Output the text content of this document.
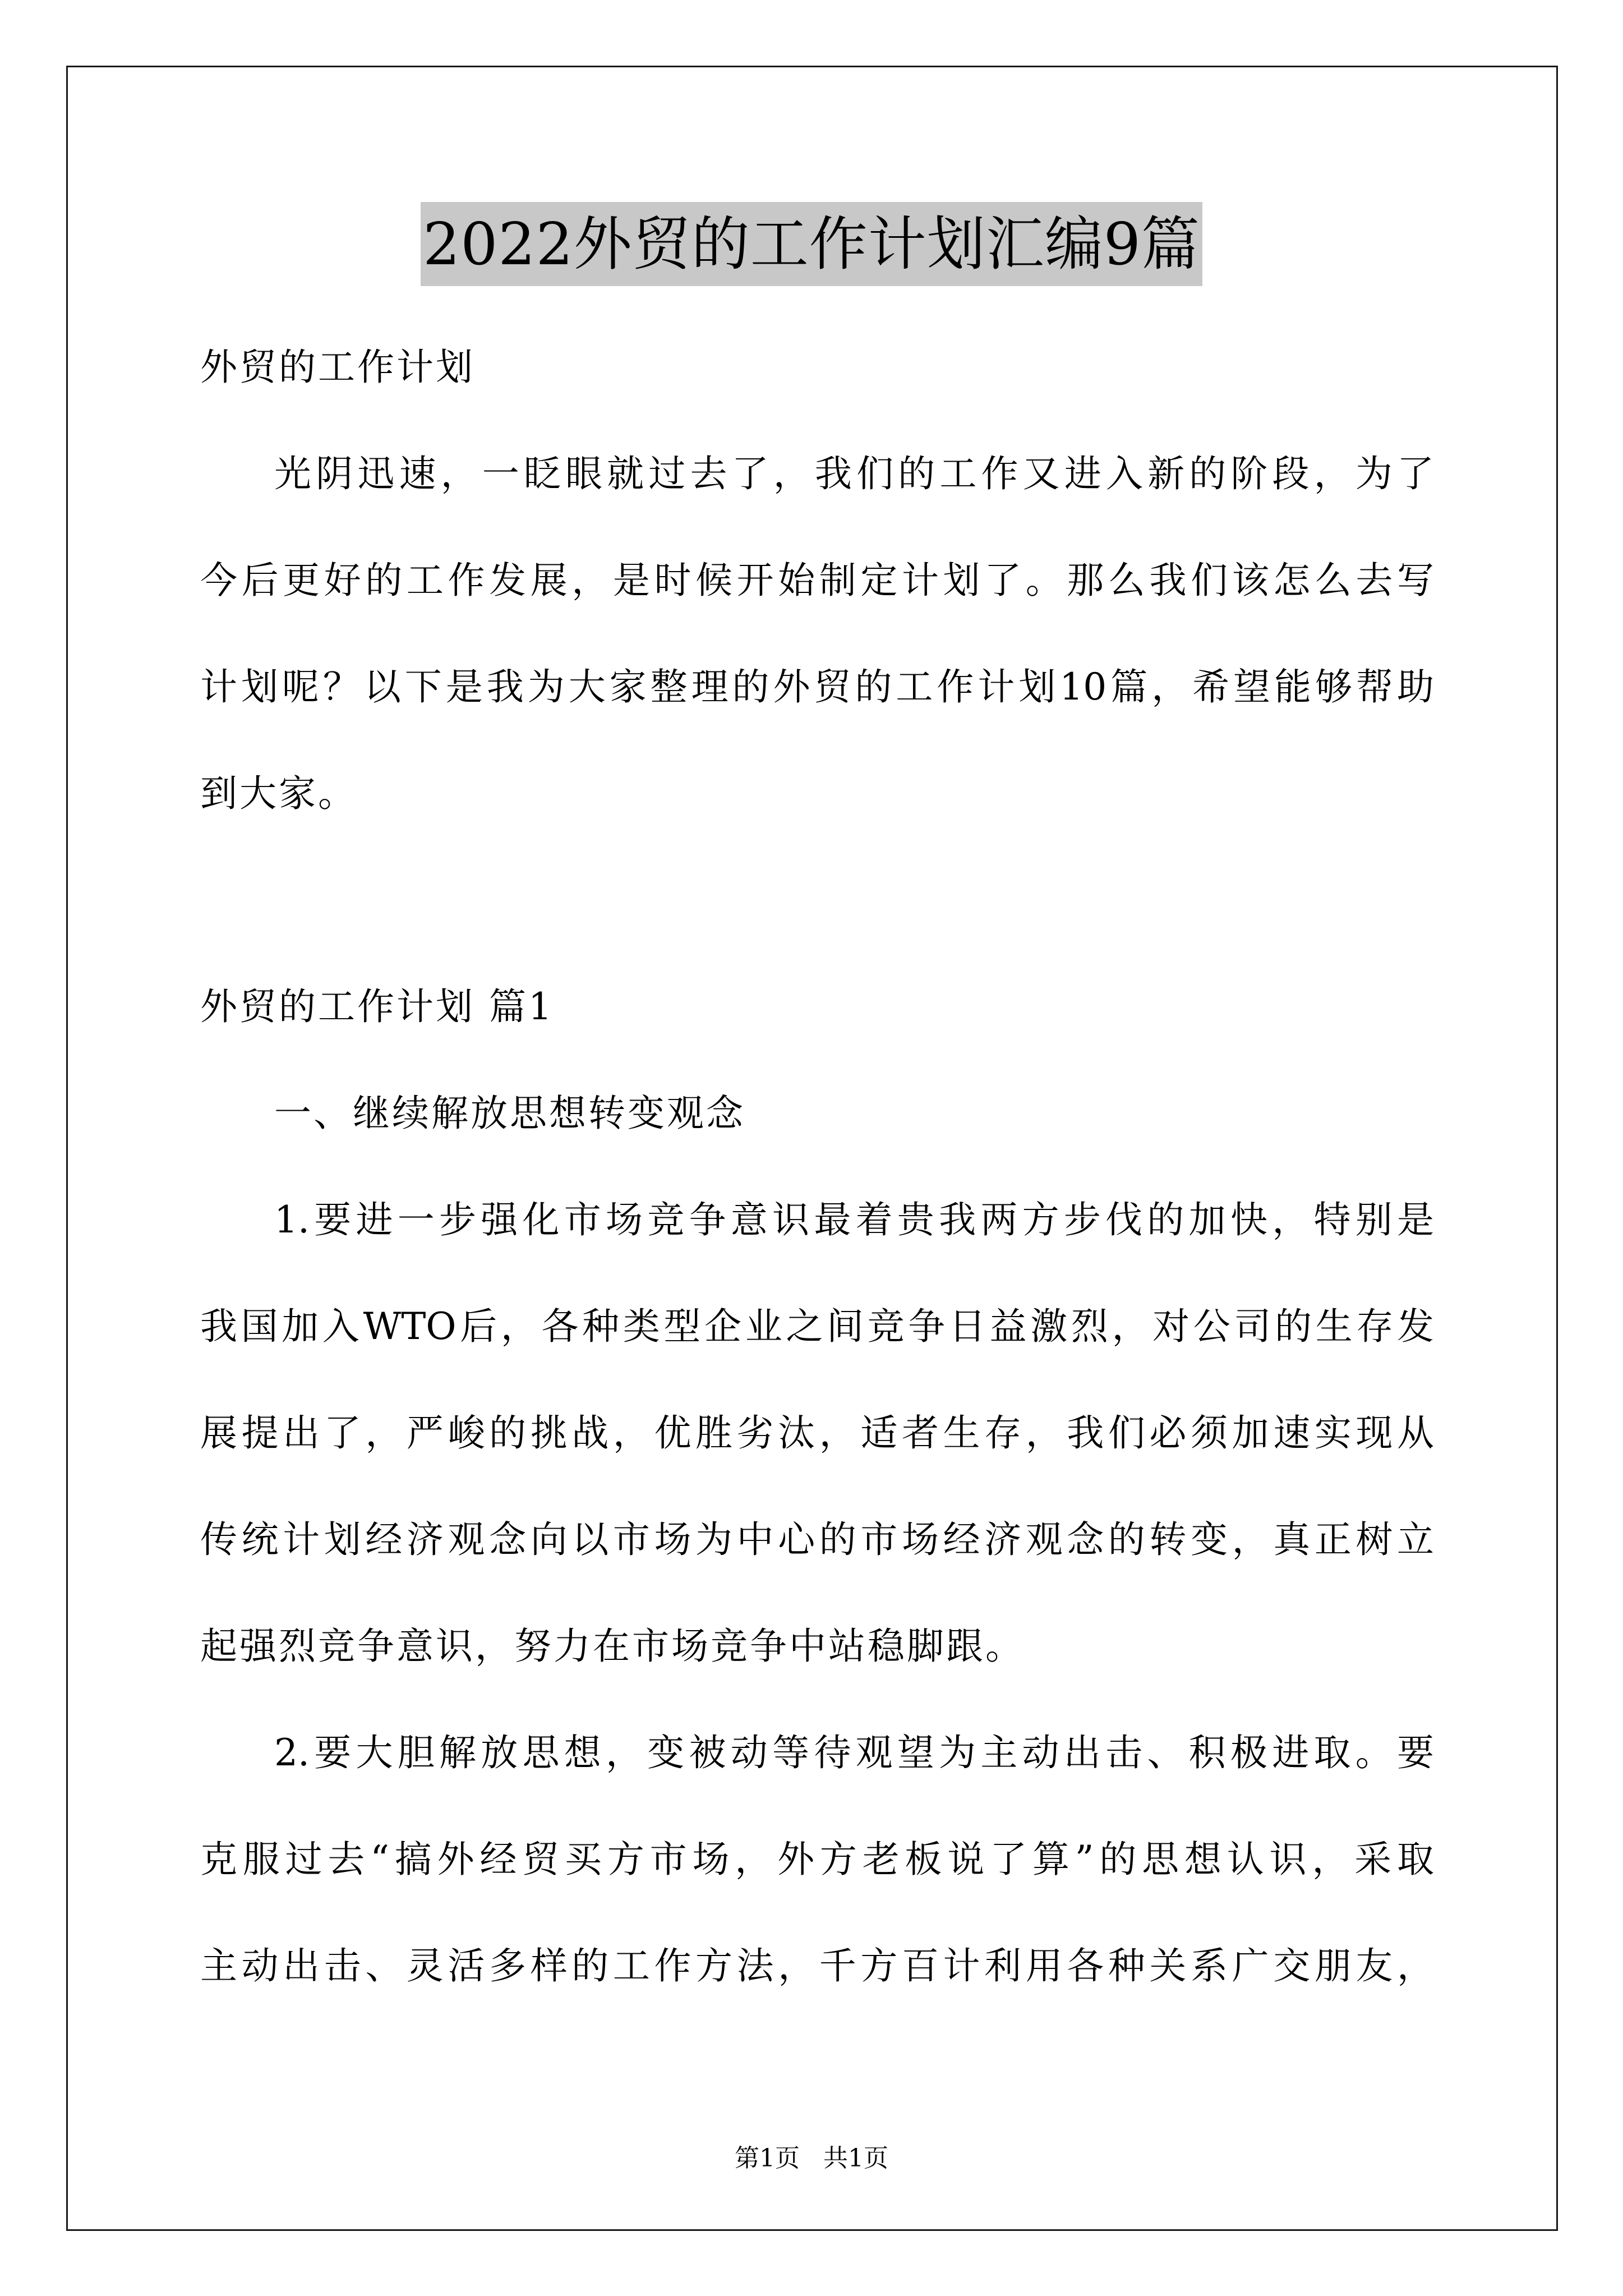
2022外贸的工作计划汇编9篇
外贸的工作计划
光阴迅速，一眨眼就过去了，我们的工作又进入新的阶段，为了
今后更好的工作发展，是时候开始制定计划了。那么我们该怎么去写
计划呢？以下是我为大家整理的外贸的工作计划10篇，希望能够帮助
到大家。
外贸的工作计划 篇1
一、继续解放思想转变观念
1.要进一步强化市场竞争意识最着贵我两方步伐的加快，特别是
我国加入WTO后，各种类型企业之间竞争日益激烈，对公司的生存发
展提出了，严峻的挑战，优胜劣汰，适者生存，我们必须加速实现从
传统计划经济观念向以市场为中心的市场经济观念的转变，真正树立
起强烈竞争意识，努力在市场竞争中站稳脚跟。
2.要大胆解放思想，变被动等待观望为主动出击、积极进取。要
克服过去“搞外经贸买方市场，外方老板说了算”的思想认识，采取
主动出击、灵活多样的工作方法，千方百计利用各种关系广交朋友，
第1页   共1页
